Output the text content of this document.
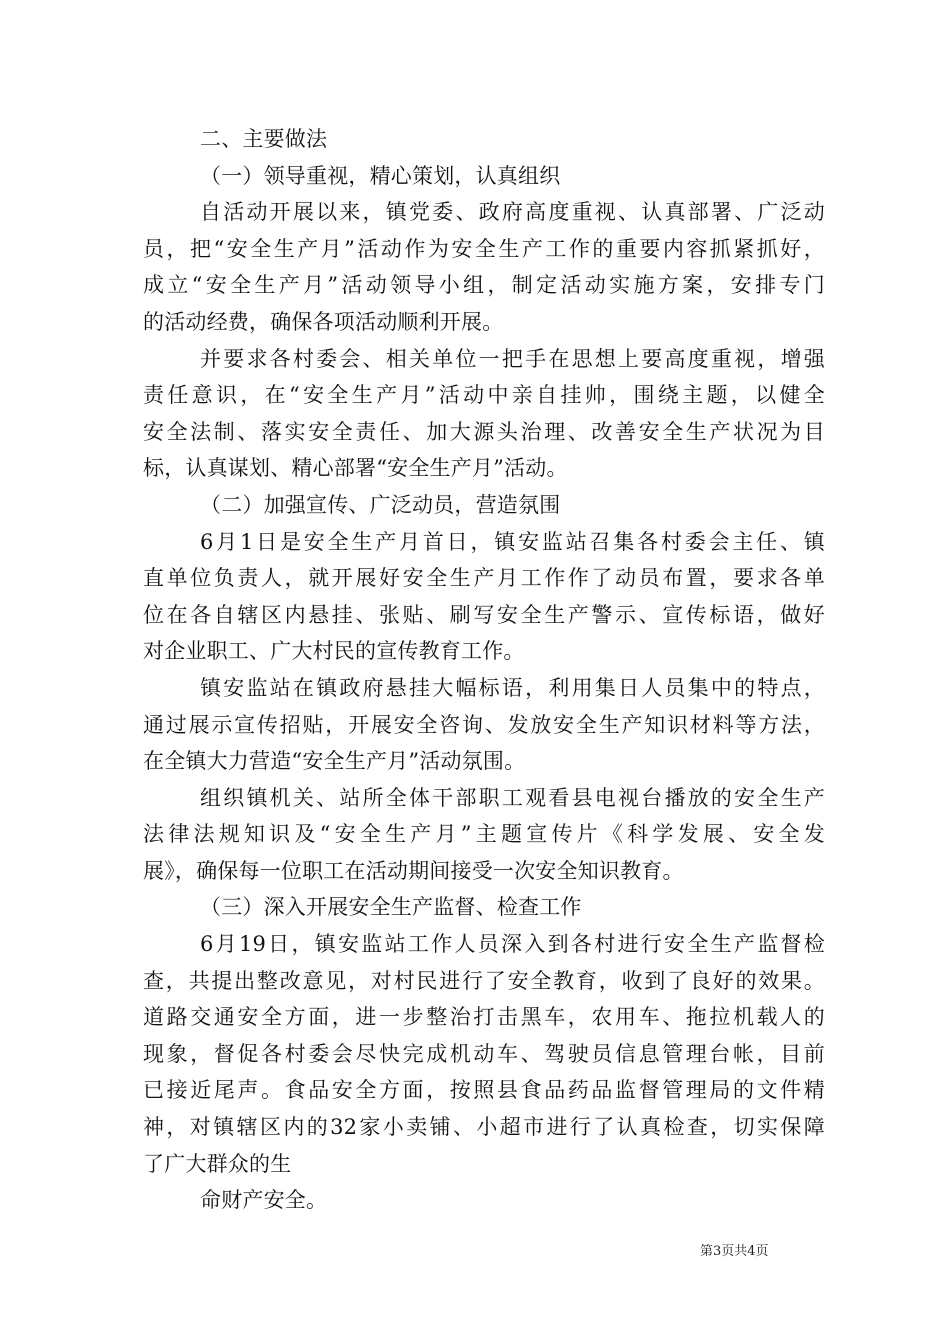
二、主要做法
（一）领导重视，精心策划，认真组织
自活动开展以来，镇党委、政府高度重视、认真部署、广泛动
员，把“安全生产月”活动作为安全生产工作的重要内容抓紧抓好，
成立“安全生产月”活动领导小组，制定活动实施方案，安排专门
的活动经费，确保各项活动顺利开展。
并要求各村委会、相关单位一把手在思想上要高度重视，增强
责任意识，在“安全生产月”活动中亲自挂帅，围绕主题，以健全
安全法制、落实安全责任、加大源头治理、改善安全生产状况为目
标，认真谋划、精心部署“安全生产月”活动。
（二）加强宣传、广泛动员，营造氛围
6月1日是安全生产月首日，镇安监站召集各村委会主任、镇
直单位负责人，就开展好安全生产月工作作了动员布置，要求各单
位在各自辖区内悬挂、张贴、刷写安全生产警示、宣传标语，做好
对企业职工、广大村民的宣传教育工作。
镇安监站在镇政府悬挂大幅标语，利用集日人员集中的特点，
通过展示宣传招贴，开展安全咨询、发放安全生产知识材料等方法，
在全镇大力营造“安全生产月”活动氛围。
组织镇机关、站所全体干部职工观看县电视台播放的安全生产
法律法规知识及“安全生产月”主题宣传片《科学发展、安全发
展》，确保每一位职工在活动期间接受一次安全知识教育。
（三）深入开展安全生产监督、检查工作
6月19日，镇安监站工作人员深入到各村进行安全生产监督检
查，共提出整改意见，对村民进行了安全教育，收到了良好的效果。
道路交通安全方面，进一步整治打击黑车，农用车、拖拉机载人的
现象，督促各村委会尽快完成机动车、驾驶员信息管理台帐，目前
已接近尾声。食品安全方面，按照县食品药品监督管理局的文件精
神，对镇辖区内的32家小卖铺、小超市进行了认真检查，切实保障
了广大群众的生
命财产安全。
第3页共4页
